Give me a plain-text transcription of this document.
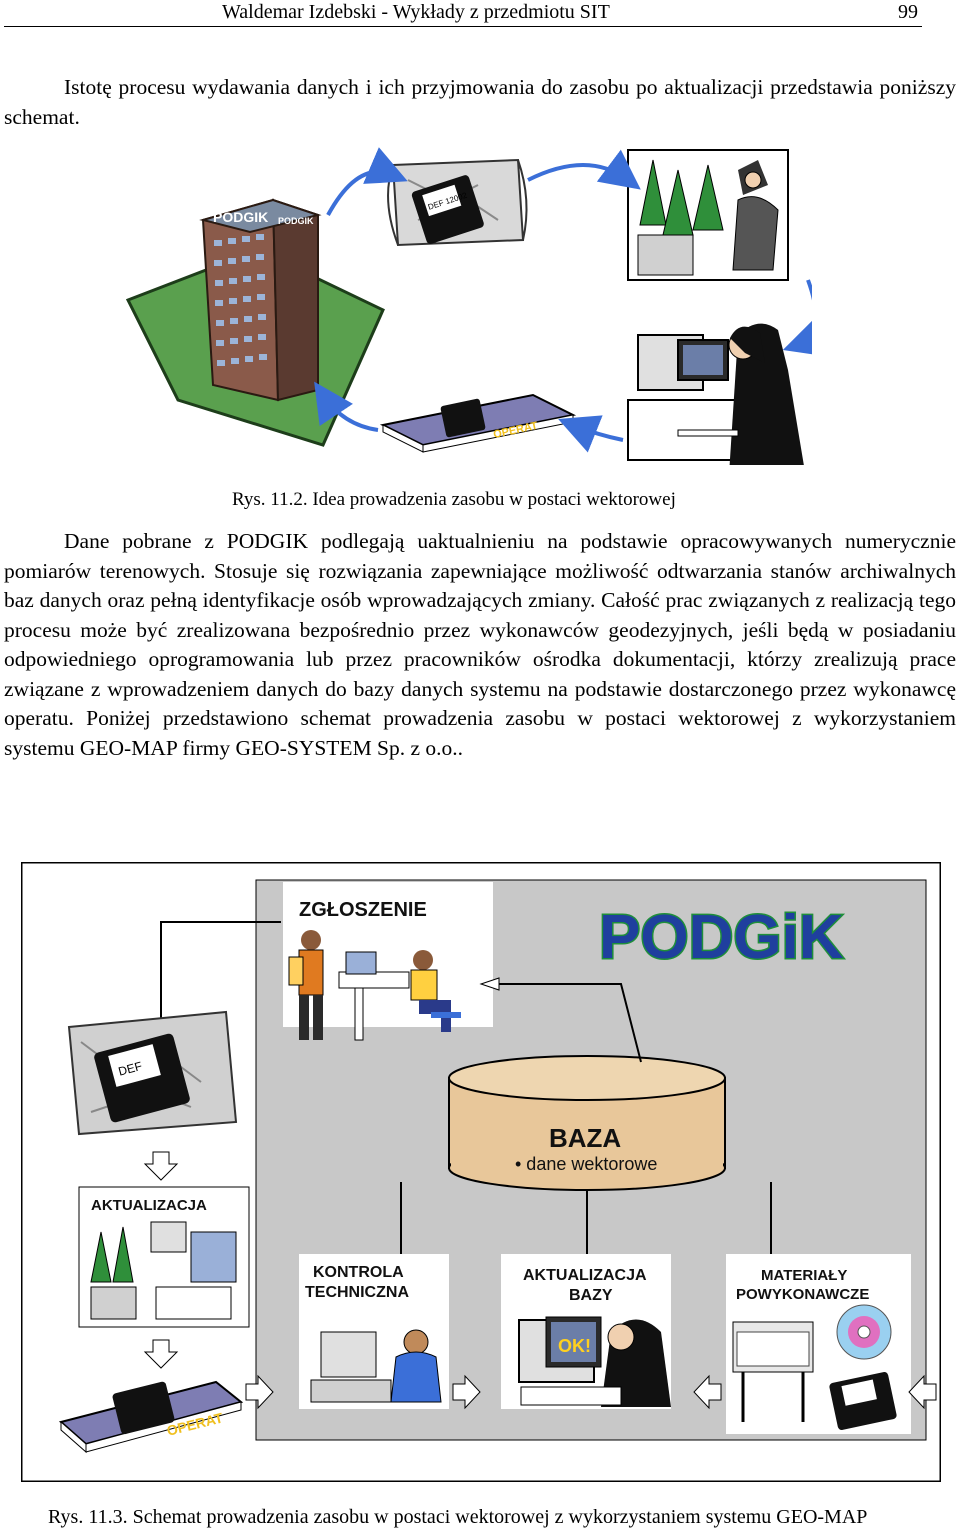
Waldemar Izdebski - Wykłady z przedmiotu SIT	99

Istotę procesu wydawania danych i ich przyjmowania do zasobu po aktualizacji przedstawia poniższy schemat.

PODGIK PODGIK
DEF 12002
OPERAT
Rys. 11.2. Idea prowadzenia zasobu w postaci wektorowej

Dane pobrane z PODGIK podlegają uaktualnieniu na podstawie opracowywanych numerycznie pomiarów terenowych. Stosuje się rozwiązania zapewniające możliwość odtwarzania stanów archiwalnych baz danych oraz pełną identyfikacje osób wprowadzających zmiany. Całość prac związanych z realizacją tego procesu może być zrealizowana bezpośrednio przez wykonawców geodezyjnych, jeśli będą w posiadaniu odpowiedniego oprogramowania lub przez pracowników ośrodka dokumentacji, którzy zrealizują prace związane z wprowadzeniem danych do bazy danych systemu na podstawie dostarczonego przez wykonawcę operatu. Poniżej przedstawiono schemat prowadzenia zasobu w postaci wektorowej z wykorzystaniem systemu GEO-MAP firmy GEO-SYSTEM Sp. z o.o..

ZGŁOSZENIE	PODGiK
BAZA
• dane wektorowe
DEF
AKTUALIZACJA
OPERAT
KONTROLA
TECHNICZNA
AKTUALIZACJA
BAZY
OK!
MATERIAŁY
POWYKONAWCZE
Rys. 11.3. Schemat prowadzenia zasobu w postaci wektorowej z wykorzystaniem systemu GEO-MAP
